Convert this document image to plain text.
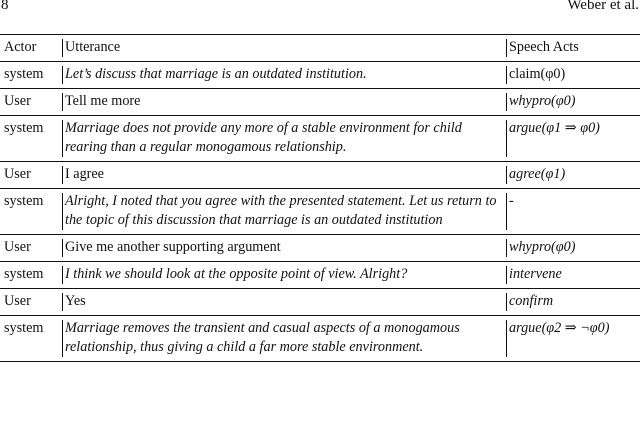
8	Weber et al.
Actor	Utterance	Speech Acts
system	Let’s discuss that marriage is an outdated institution.	claim(φ0)
User	Tell me more	whypro(φ0)
system	Marriage does not provide any more of a stable environment for child rearing than a regular monogamous relationship.	argue(φ1 ⇒ φ0)
User	I agree	agree(φ1)
system	Alright, I noted that you agree with the presented statement. Let us return to the topic of this discussion that marriage is an outdated institution	-
User	Give me another supporting argument	whypro(φ0)
system	I think we should look at the opposite point of view. Alright?	intervene
User	Yes	confirm
system	Marriage removes the transient and casual aspects of a monogamous relationship, thus giving a child a far more stable environment.	argue(φ2 ⇒ ¬φ0)
